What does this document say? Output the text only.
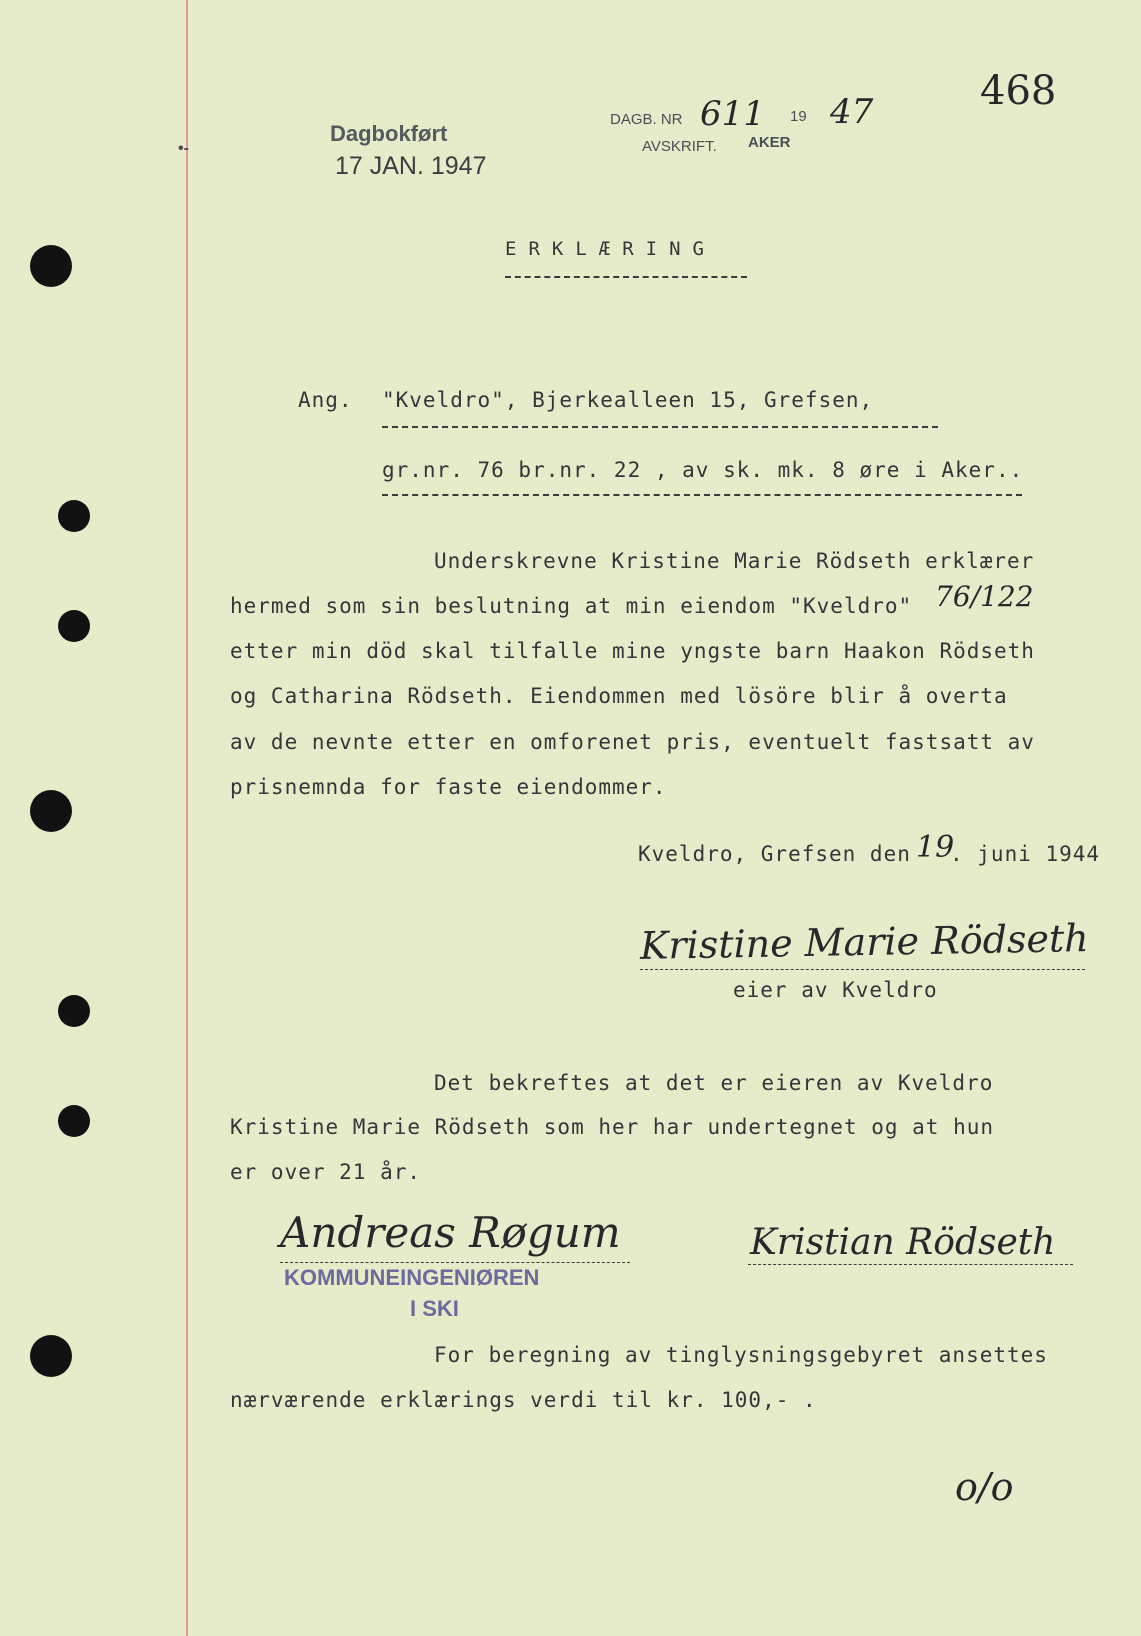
468
Dagbokført
17 JAN. 1947
•-
DAGB. NR 611 19 47
AVSKRIFT. AKER
ERKLÆRING
Ang. "Kveldro", Bjerkealleen 15, Grefsen,
gr.nr. 76 br.nr. 22 , av sk. mk. 8 øre i Aker..
Underskrevne Kristine Marie Rödseth erklærer
hermed som sin beslutning at min eiendom "Kveldro" 76/122
etter min död skal tilfalle mine yngste barn Haakon Rödseth
og Catharina Rödseth. Eiendommen med lösöre blir å overta
av de nevnte etter en omforenet pris, eventuelt fastsatt av
prisnemnda for faste eiendommer.
Kveldro, Grefsen den 19
. juni 1944
Kristine Marie Rödseth
eier av Kveldro
Det bekreftes at det er eieren av Kveldro
Kristine Marie Rödseth som her har undertegnet og at hun
er over 21 år.
Andreas Røgum
KOMMUNEINGENIØREN
I SKI
Kristian Rödseth
For beregning av tinglysningsgebyret ansettes
nærværende erklærings verdi til kr. 100,- .
o/o
